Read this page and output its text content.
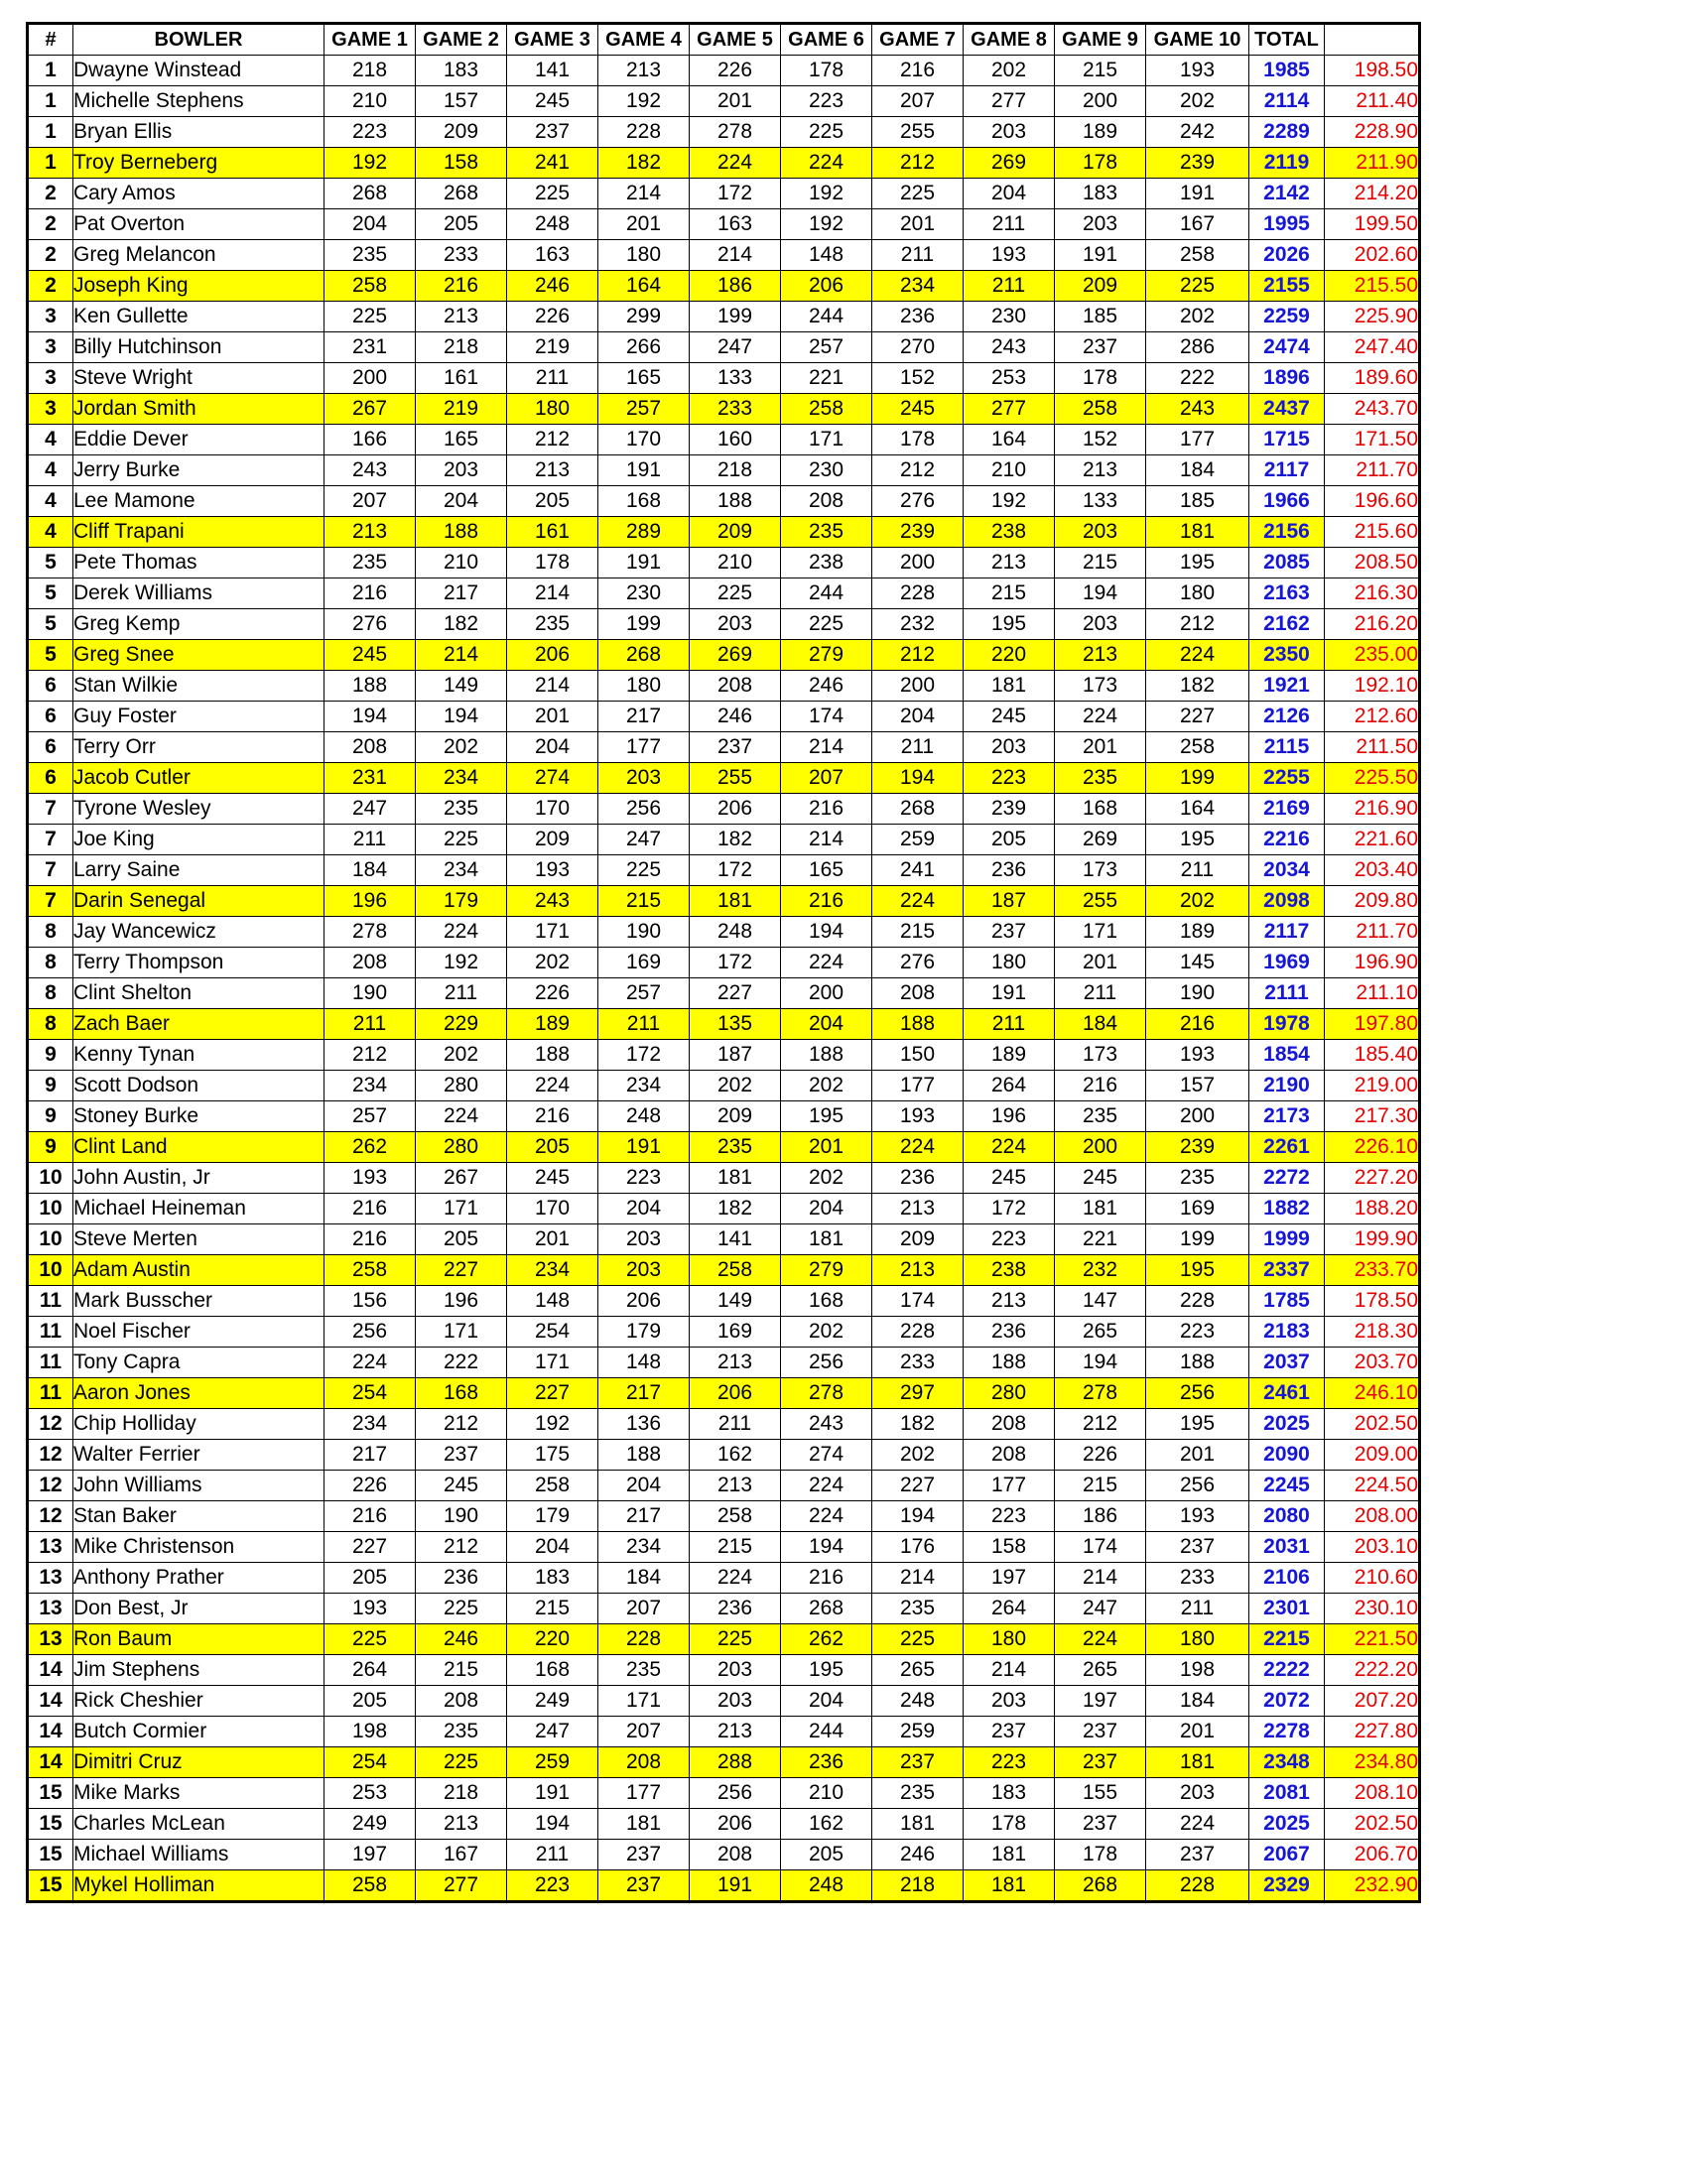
#	BOWLER	GAME 1	GAME 2	GAME 3	GAME 4	GAME 5	GAME 6	GAME 7	GAME 8	GAME 9	GAME 10	TOTAL	
1	Dwayne Winstead	218	183	141	213	226	178	216	202	215	193	1985	198.50
1	Michelle Stephens	210	157	245	192	201	223	207	277	200	202	2114	211.40
1	Bryan Ellis	223	209	237	228	278	225	255	203	189	242	2289	228.90
1	Troy Berneberg	192	158	241	182	224	224	212	269	178	239	2119	211.90
2	Cary Amos	268	268	225	214	172	192	225	204	183	191	2142	214.20
2	Pat Overton	204	205	248	201	163	192	201	211	203	167	1995	199.50
2	Greg Melancon	235	233	163	180	214	148	211	193	191	258	2026	202.60
2	Joseph King	258	216	246	164	186	206	234	211	209	225	2155	215.50
3	Ken Gullette	225	213	226	299	199	244	236	230	185	202	2259	225.90
3	Billy Hutchinson	231	218	219	266	247	257	270	243	237	286	2474	247.40
3	Steve Wright	200	161	211	165	133	221	152	253	178	222	1896	189.60
3	Jordan Smith	267	219	180	257	233	258	245	277	258	243	2437	243.70
4	Eddie Dever	166	165	212	170	160	171	178	164	152	177	1715	171.50
4	Jerry Burke	243	203	213	191	218	230	212	210	213	184	2117	211.70
4	Lee Mamone	207	204	205	168	188	208	276	192	133	185	1966	196.60
4	Cliff Trapani	213	188	161	289	209	235	239	238	203	181	2156	215.60
5	Pete Thomas	235	210	178	191	210	238	200	213	215	195	2085	208.50
5	Derek Williams	216	217	214	230	225	244	228	215	194	180	2163	216.30
5	Greg Kemp	276	182	235	199	203	225	232	195	203	212	2162	216.20
5	Greg Snee	245	214	206	268	269	279	212	220	213	224	2350	235.00
6	Stan Wilkie	188	149	214	180	208	246	200	181	173	182	1921	192.10
6	Guy Foster	194	194	201	217	246	174	204	245	224	227	2126	212.60
6	Terry Orr	208	202	204	177	237	214	211	203	201	258	2115	211.50
6	Jacob Cutler	231	234	274	203	255	207	194	223	235	199	2255	225.50
7	Tyrone Wesley	247	235	170	256	206	216	268	239	168	164	2169	216.90
7	Joe King	211	225	209	247	182	214	259	205	269	195	2216	221.60
7	Larry Saine	184	234	193	225	172	165	241	236	173	211	2034	203.40
7	Darin Senegal	196	179	243	215	181	216	224	187	255	202	2098	209.80
8	Jay Wancewicz	278	224	171	190	248	194	215	237	171	189	2117	211.70
8	Terry Thompson	208	192	202	169	172	224	276	180	201	145	1969	196.90
8	Clint Shelton	190	211	226	257	227	200	208	191	211	190	2111	211.10
8	Zach Baer	211	229	189	211	135	204	188	211	184	216	1978	197.80
9	Kenny Tynan	212	202	188	172	187	188	150	189	173	193	1854	185.40
9	Scott Dodson	234	280	224	234	202	202	177	264	216	157	2190	219.00
9	Stoney Burke	257	224	216	248	209	195	193	196	235	200	2173	217.30
9	Clint Land	262	280	205	191	235	201	224	224	200	239	2261	226.10
10	John Austin, Jr	193	267	245	223	181	202	236	245	245	235	2272	227.20
10	Michael Heineman	216	171	170	204	182	204	213	172	181	169	1882	188.20
10	Steve Merten	216	205	201	203	141	181	209	223	221	199	1999	199.90
10	Adam Austin	258	227	234	203	258	279	213	238	232	195	2337	233.70
11	Mark Busscher	156	196	148	206	149	168	174	213	147	228	1785	178.50
11	Noel Fischer	256	171	254	179	169	202	228	236	265	223	2183	218.30
11	Tony Capra	224	222	171	148	213	256	233	188	194	188	2037	203.70
11	Aaron Jones	254	168	227	217	206	278	297	280	278	256	2461	246.10
12	Chip Holliday	234	212	192	136	211	243	182	208	212	195	2025	202.50
12	Walter Ferrier	217	237	175	188	162	274	202	208	226	201	2090	209.00
12	John Williams	226	245	258	204	213	224	227	177	215	256	2245	224.50
12	Stan Baker	216	190	179	217	258	224	194	223	186	193	2080	208.00
13	Mike Christenson	227	212	204	234	215	194	176	158	174	237	2031	203.10
13	Anthony Prather	205	236	183	184	224	216	214	197	214	233	2106	210.60
13	Don Best, Jr	193	225	215	207	236	268	235	264	247	211	2301	230.10
13	Ron Baum	225	246	220	228	225	262	225	180	224	180	2215	221.50
14	Jim Stephens	264	215	168	235	203	195	265	214	265	198	2222	222.20
14	Rick Cheshier	205	208	249	171	203	204	248	203	197	184	2072	207.20
14	Butch Cormier	198	235	247	207	213	244	259	237	237	201	2278	227.80
14	Dimitri Cruz	254	225	259	208	288	236	237	223	237	181	2348	234.80
15	Mike Marks	253	218	191	177	256	210	235	183	155	203	2081	208.10
15	Charles McLean	249	213	194	181	206	162	181	178	237	224	2025	202.50
15	Michael Williams	197	167	211	237	208	205	246	181	178	237	2067	206.70
15	Mykel Holliman	258	277	223	237	191	248	218	181	268	228	2329	232.90
